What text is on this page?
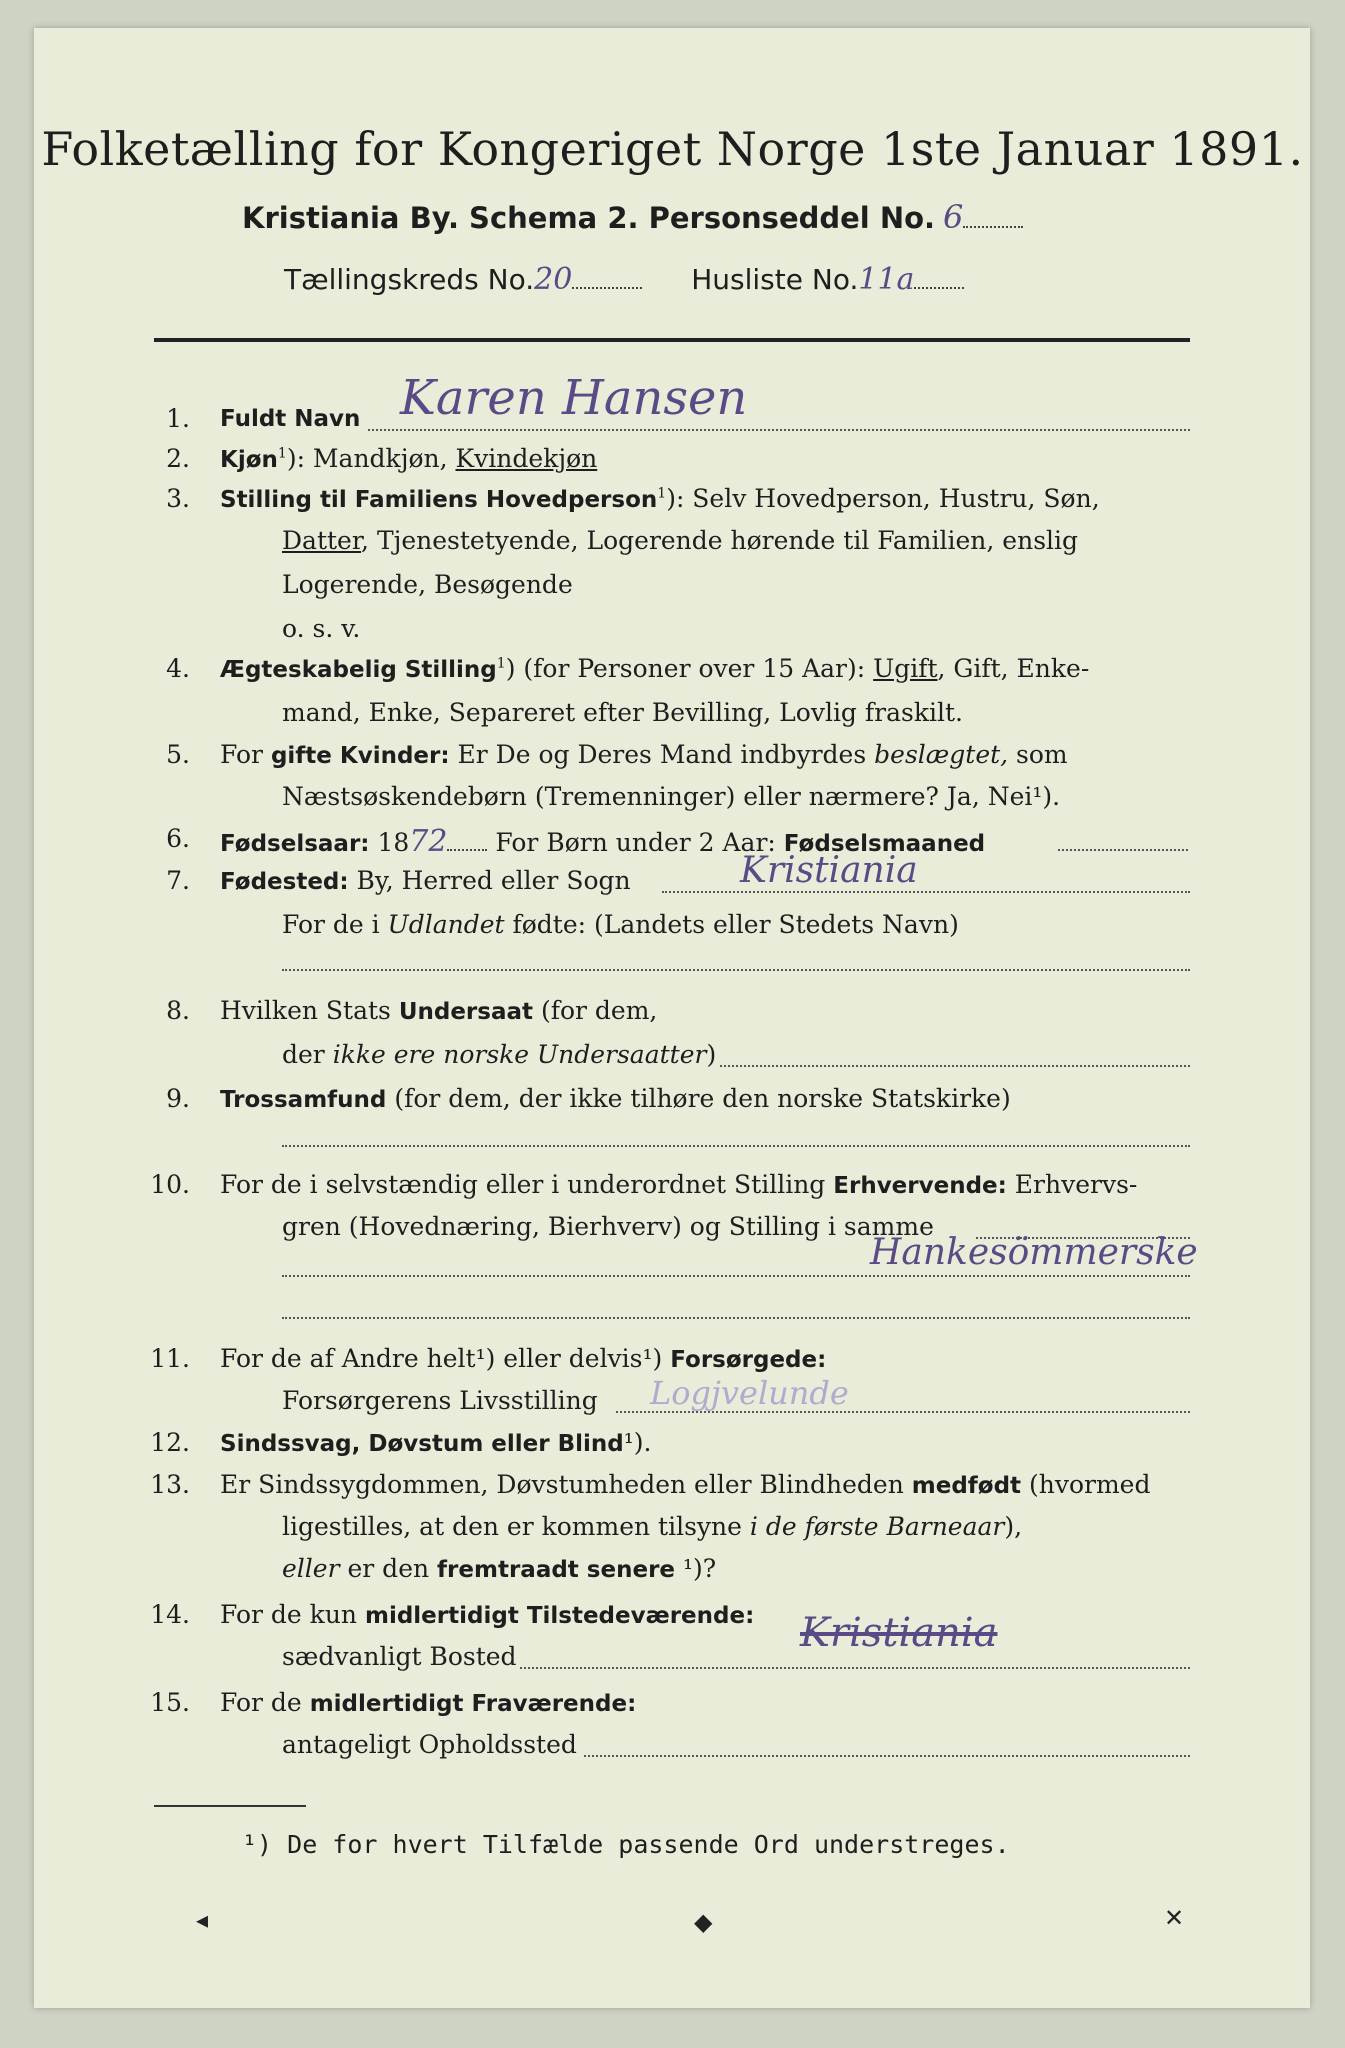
Folketælling for Kongeriget Norge 1ste Januar 1891.
Kristiania By. Schema 2. Personseddel No. 6
Tællingskreds No.20	Husliste No.11a
1. Fuldt Navn Karen Hansen
2. Kjøn$^1$): Mandkjøn, Kvindekjøn
3. Stilling til Familiens Hovedperson$^1$): Selv Hovedperson, Hustru, Søn,
Datter, Tjenestetyende, Logerende hørende til Familien, enslig
Logerende, Besøgende
o. s. v.
4. Ægteskabelig Stilling$^1$) (for Personer over 15 Aar): Ugift, Gift, Enke-
mand, Enke, Separeret efter Bevilling, Lovlig fraskilt.
5. For gifte Kvinder: Er De og Deres Mand indbyrdes beslægtet, som
Næstsøskendebørn (Tremenninger) eller nærmere? Ja, Nei¹).
6. Fødselsaar: 1872 For Børn under 2 Aar: Fødselsmaaned
7. Fødested: By, Herred eller Sogn	Kristiania
For de i Udlandet fødte: (Landets eller Stedets Navn)
8. Hvilken Stats Undersaat (for dem,
der ikke ere norske Undersaatter)
9. Trossamfund (for dem, der ikke tilhøre den norske Statskirke)
10. For de i selvstændig eller i underordnet Stilling Erhvervende: Erhvervs-
gren (Hovednæring, Bierhverv) og Stilling i samme
Hankesömmerske
11. For de af Andre helt¹) eller delvis¹) Forsørgede:
Forsørgerens Livsstilling Logjvelunde
12. Sindssvag, Døvstum eller Blind¹).
13. Er Sindssygdommen, Døvstumheden eller Blindheden medfødt (hvormed
ligestilles, at den er kommen tilsyne i de første Barneaar),
eller er den fremtraadt senere ¹)?
14. For de kun midlertidigt Tilstedeværende:
sædvanligt Bosted
Kristiania
15. For de midlertidigt Fraværende:
antageligt Opholdssted
¹) De for hvert Tilfælde passende Ord understreges.
◂	◆	✕
